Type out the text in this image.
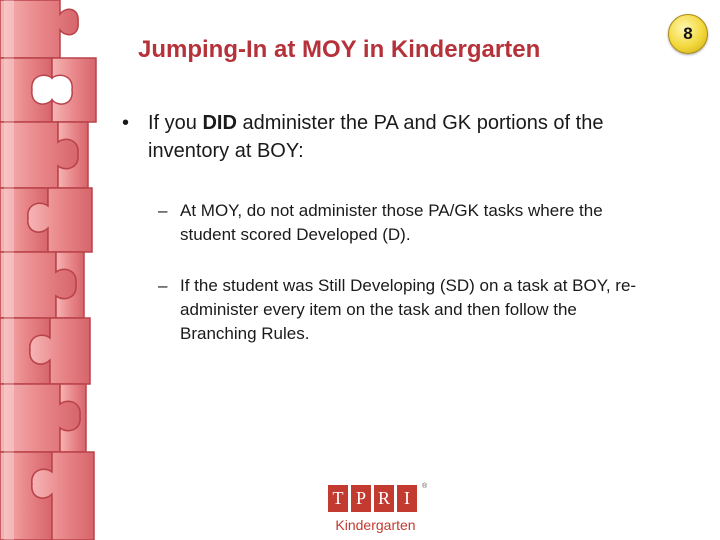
8
Jumping-In at MOY in Kindergarten
• If you DID administer the PA and GK portions of the inventory at BOY:
– At MOY, do not administer those PA/GK tasks where the student scored Developed (D).
– If the student was Still Developing (SD) on a task at BOY, re-administer every item on the task and then follow the Branching Rules.
T P R I
®
Kindergarten
